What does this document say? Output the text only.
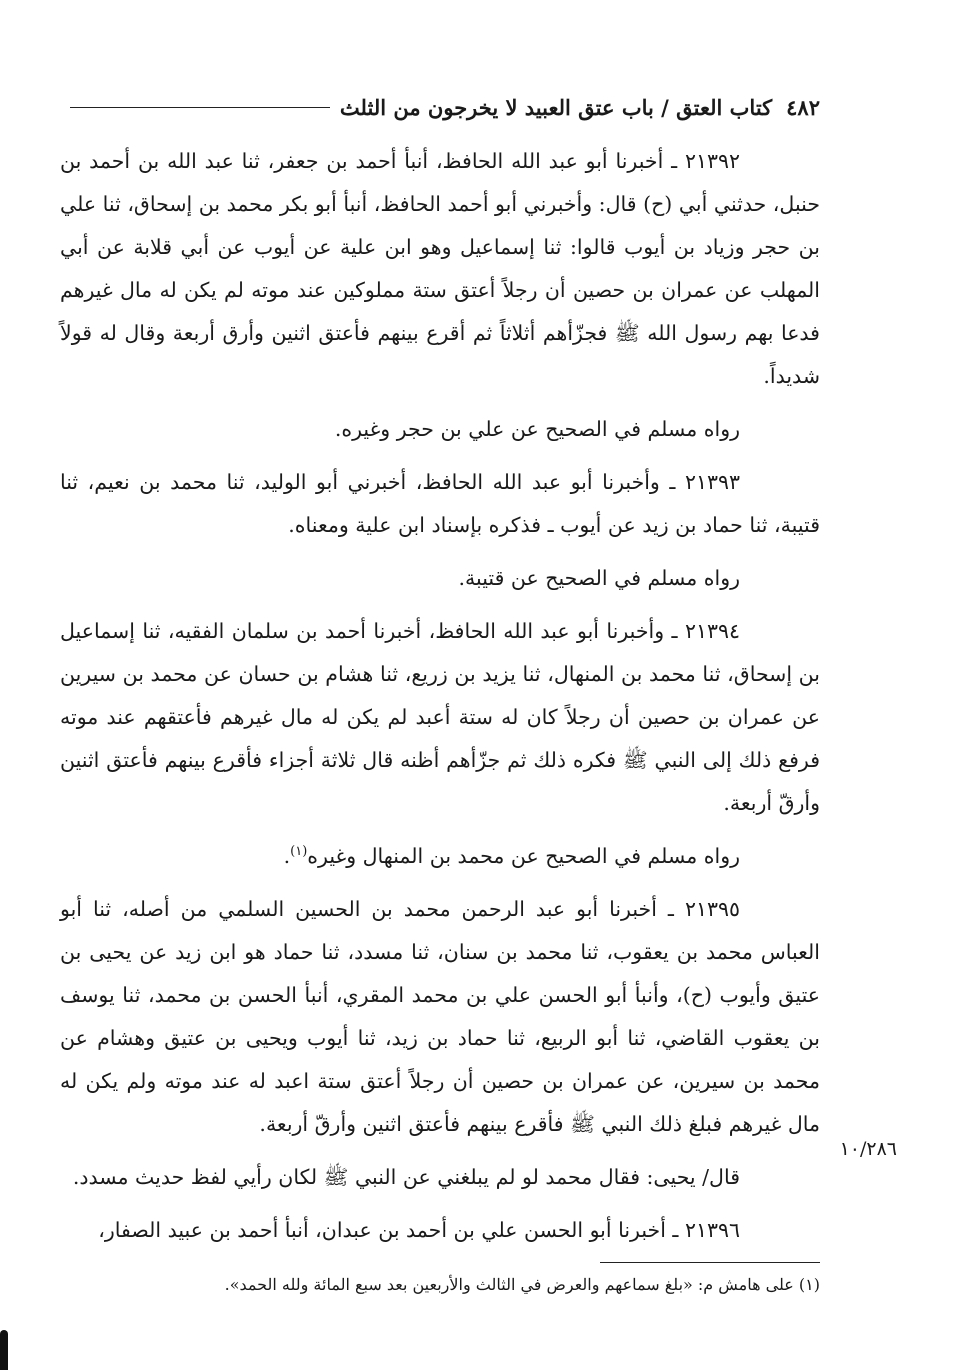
٤٨٢
كتاب العتق / باب عتق العبيد لا يخرجون من الثلث

٢١٣٩٢ ـ أخبرنا أبو عبد الله الحافظ، أنبأ أحمد بن جعفر، ثنا عبد الله بن أحمد بن حنبل، حدثني أبي (ح) قال: وأخبرني أبو أحمد الحافظ، أنبأ أبو بكر محمد بن إسحاق، ثنا علي بن حجر وزياد بن أيوب قالوا: ثنا إسماعيل وهو ابن علية عن أيوب عن أبي قلابة عن أبي المهلب عن عمران بن حصين أن رجلاً أعتق ستة مملوكين عند موته لم يكن له مال غيرهم فدعا بهم رسول الله ﷺ فجزّأهم أثلاثاً ثم أقرع بينهم فأعتق اثنين وأرق أربعة وقال له قولاً شديداً.

رواه مسلم في الصحيح عن علي بن حجر وغيره.

٢١٣٩٣ ـ وأخبرنا أبو عبد الله الحافظ، أخبرني أبو الوليد، ثنا محمد بن نعيم، ثنا قتيبة، ثنا حماد بن زيد عن أيوب ـ فذكره بإسناد ابن علية ومعناه.

رواه مسلم في الصحيح عن قتيبة.

٢١٣٩٤ ـ وأخبرنا أبو عبد الله الحافظ، أخبرنا أحمد بن سلمان الفقيه، ثنا إسماعيل بن إسحاق، ثنا محمد بن المنهال، ثنا يزيد بن زريع، ثنا هشام بن حسان عن محمد بن سيرين عن عمران بن حصين أن رجلاً كان له ستة أعبد لم يكن له مال غيرهم فأعتقهم عند موته فرفع ذلك إلى النبي ﷺ فكره ذلك ثم جزّأهم أظنه قال ثلاثة أجزاء فأقرع بينهم فأعتق اثنين وأرقّ أربعة.

رواه مسلم في الصحيح عن محمد بن المنهال وغيره$^{(١)}$.

٢١٣٩٥ ـ أخبرنا أبو عبد الرحمن محمد بن الحسين السلمي من أصله، ثنا أبو العباس محمد بن يعقوب، ثنا محمد بن سنان، ثنا مسدد، ثنا حماد هو ابن زيد عن يحيى بن عتيق وأيوب (ح)، وأنبأ أبو الحسن علي بن محمد المقري، أنبأ الحسن بن محمد، ثنا يوسف بن يعقوب القاضي، ثنا أبو الربيع، ثنا حماد بن زيد، ثنا أيوب ويحيى بن عتيق وهشام عن محمد بن سيرين، عن عمران بن حصين أن رجلاً أعتق ستة اعبد له عند موته ولم يكن له مال غيرهم فبلغ ذلك النبي ﷺ فأقرع بينهم فأعتق اثنين وأرقّ أربعة.

قال/ يحيى: فقال محمد لو لم يبلغني عن النبي ﷺ لكان رأيي لفظ حديث مسدد.

٢١٣٩٦ ـ أخبرنا أبو الحسن علي بن أحمد بن عبدان، أنبأ أحمد بن عبيد الصفار،

١٠/٢٨٦
(١) على هامش م: «بلغ سماعهم والعرض في الثالث والأربعين بعد سبع المائة ولله الحمد».
